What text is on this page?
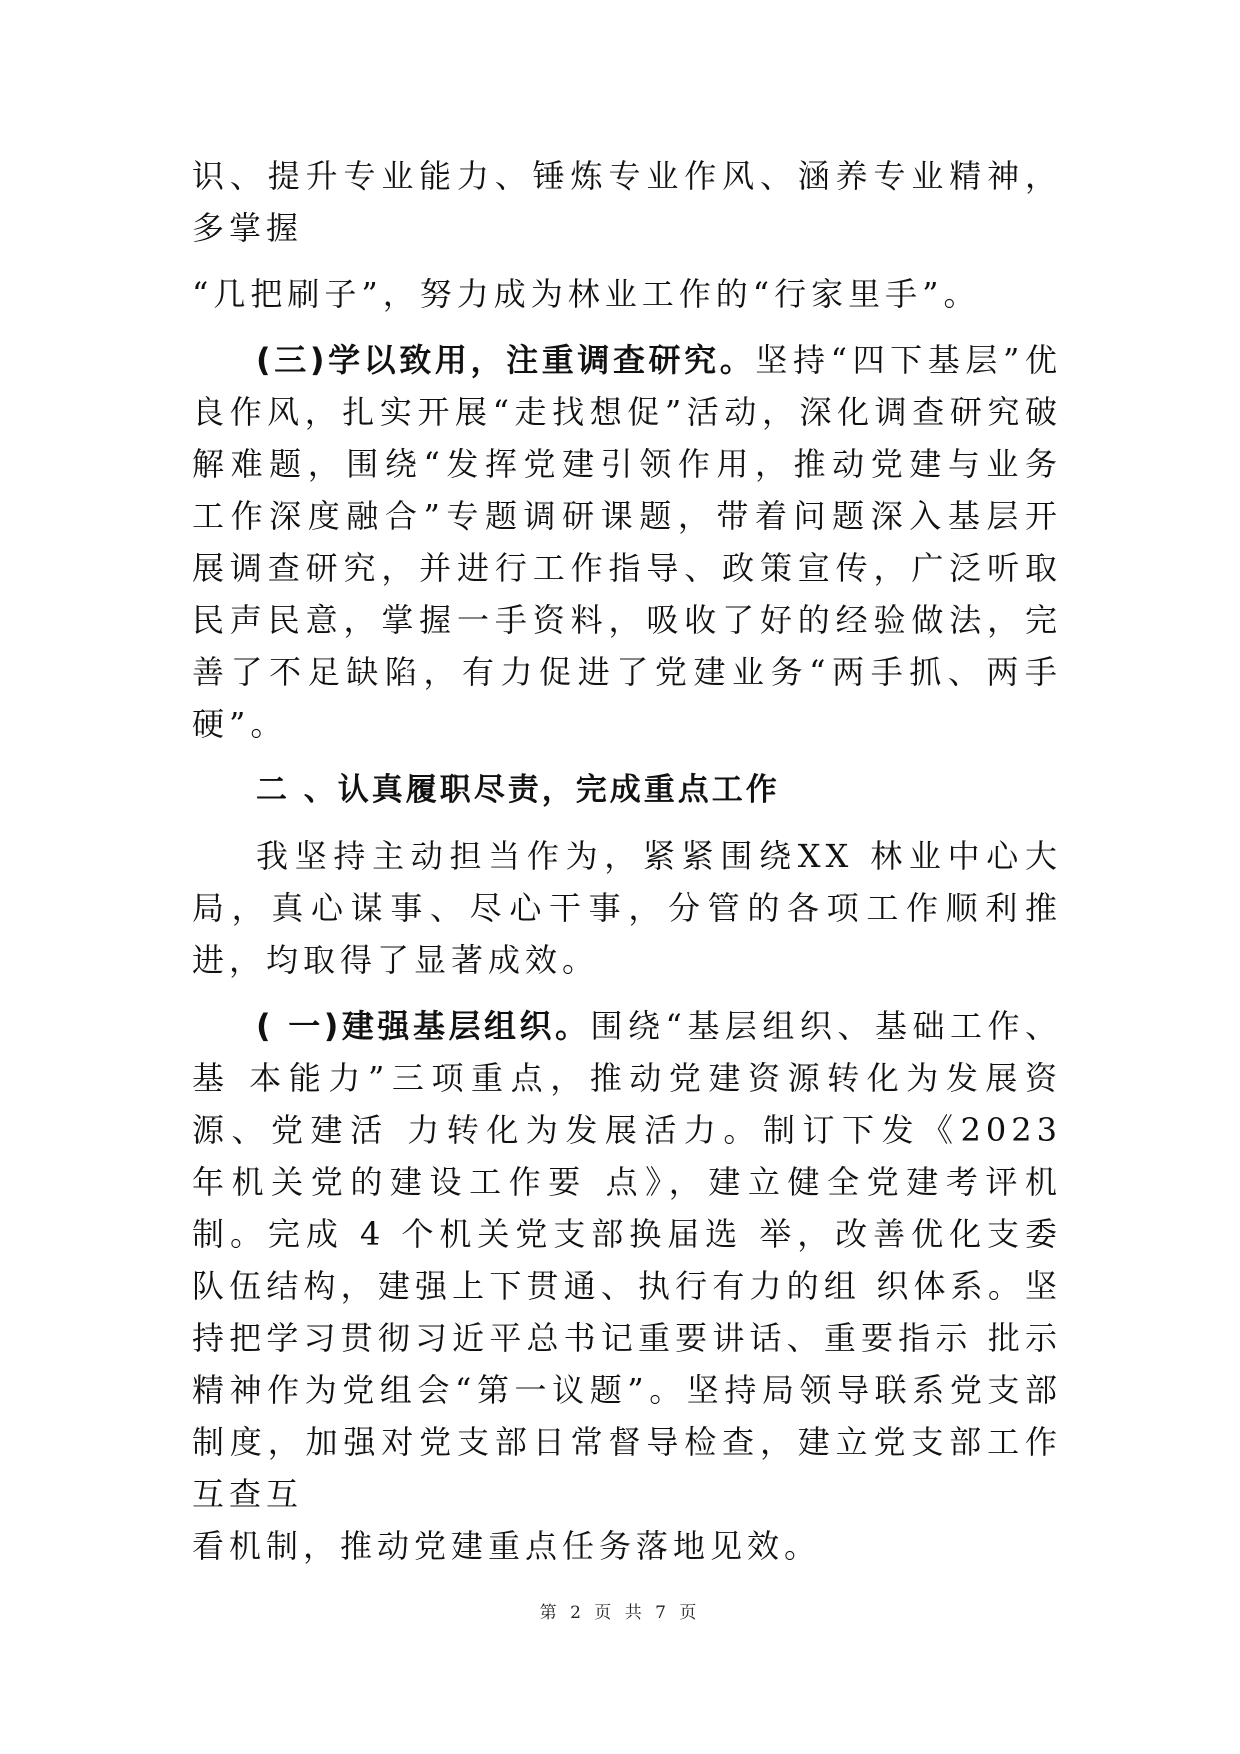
识、提升专业能力、锤炼专业作风、涵养专业精神，多掌握

“几把刷子”，努力成为林业工作的“行家里手”。

(三)学以致用，注重调查研究。坚持“四下基层”优良作风，扎实开展“走找想促”活动，深化调查研究破解难题，围绕“发挥党建引领作用，推动党建与业务工作深度融合”专题调研课题，带着问题深入基层开展调查研究，并进行工作指导、政策宣传，广泛听取民声民意，掌握一手资料，吸收了好的经验做法，完善了不足缺陷，有力促进了党建业务“两手抓、两手硬”。

二 、认真履职尽责，完成重点工作

我坚持主动担当作为，紧紧围绕XX 林业中心大局，真心谋事、尽心干事，分管的各项工作顺利推进，均取得了显著成效。

( 一)建强基层组织。围绕“基层组织、基础工作、基 本能力”三项重点，推动党建资源转化为发展资源、党建活 力转化为发展活力。制订下发《2023 年机关党的建设工作要 点》，建立健全党建考评机制。完成 4 个机关党支部换届选 举，改善优化支委队伍结构，建强上下贯通、执行有力的组 织体系。坚持把学习贯彻习近平总书记重要讲话、重要指示 批示精神作为党组会“第一议题”。坚持局领导联系党支部 制度，加强对党支部日常督导检查，建立党支部工作互查互

看机制，推动党建重点任务落地见效。

第 2 页 共 7 页
